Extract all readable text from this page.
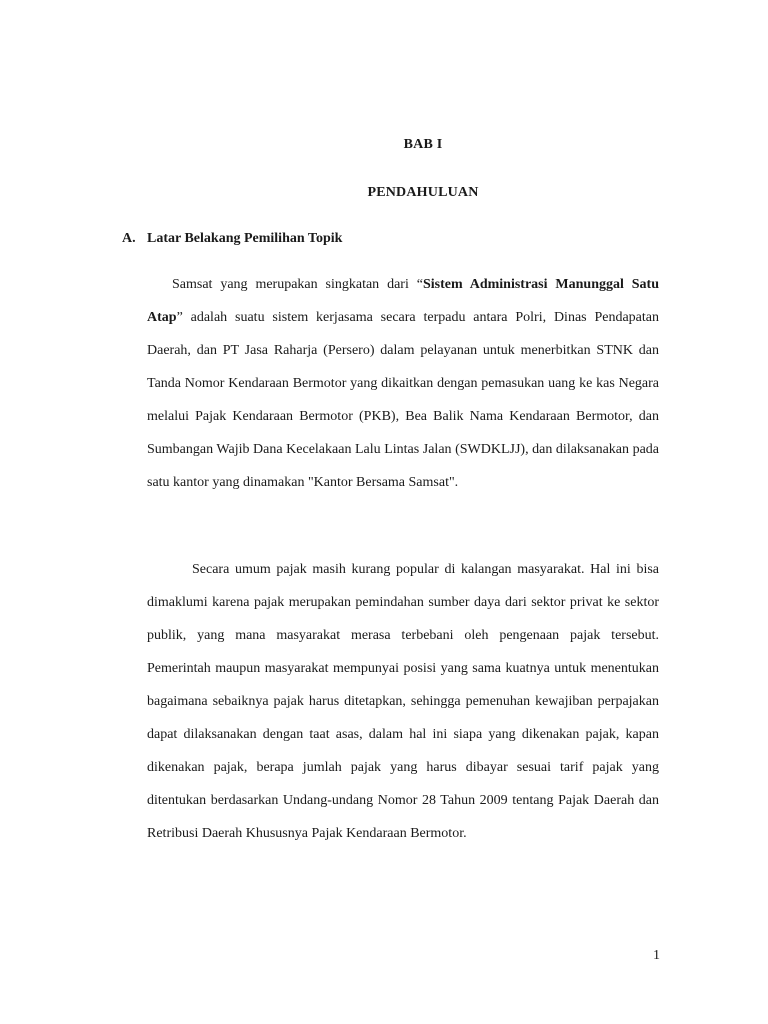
BAB I
PENDAHULUAN
A. Latar Belakang Pemilihan Topik

Samsat yang merupakan singkatan dari “Sistem Administrasi Manunggal Satu Atap” adalah suatu sistem kerjasama secara terpadu antara Polri, Dinas Pendapatan Daerah, dan PT Jasa Raharja (Persero) dalam pelayanan untuk menerbitkan STNK dan Tanda Nomor Kendaraan Bermotor yang dikaitkan dengan pemasukan uang ke kas Negara melalui Pajak Kendaraan Bermotor (PKB), Bea Balik Nama Kendaraan Bermotor, dan Sumbangan Wajib Dana Kecelakaan Lalu Lintas Jalan (SWDKLJJ), dan dilaksanakan pada satu kantor yang dinamakan "Kantor Bersama Samsat".

Secara umum pajak masih kurang popular di kalangan masyarakat. Hal ini bisa dimaklumi karena pajak merupakan pemindahan sumber daya dari sektor privat ke sektor publik, yang mana masyarakat merasa terbebani oleh pengenaan pajak tersebut. Pemerintah maupun masyarakat mempunyai posisi yang sama kuatnya untuk menentukan bagaimana sebaiknya pajak harus ditetapkan, sehingga pemenuhan kewajiban perpajakan dapat dilaksanakan dengan taat asas, dalam hal ini siapa yang dikenakan pajak, kapan dikenakan pajak, berapa jumlah pajak yang harus dibayar sesuai tarif pajak yang ditentukan berdasarkan Undang-undang Nomor 28 Tahun 2009 tentang Pajak Daerah dan Retribusi Daerah Khususnya Pajak Kendaraan Bermotor.

1
